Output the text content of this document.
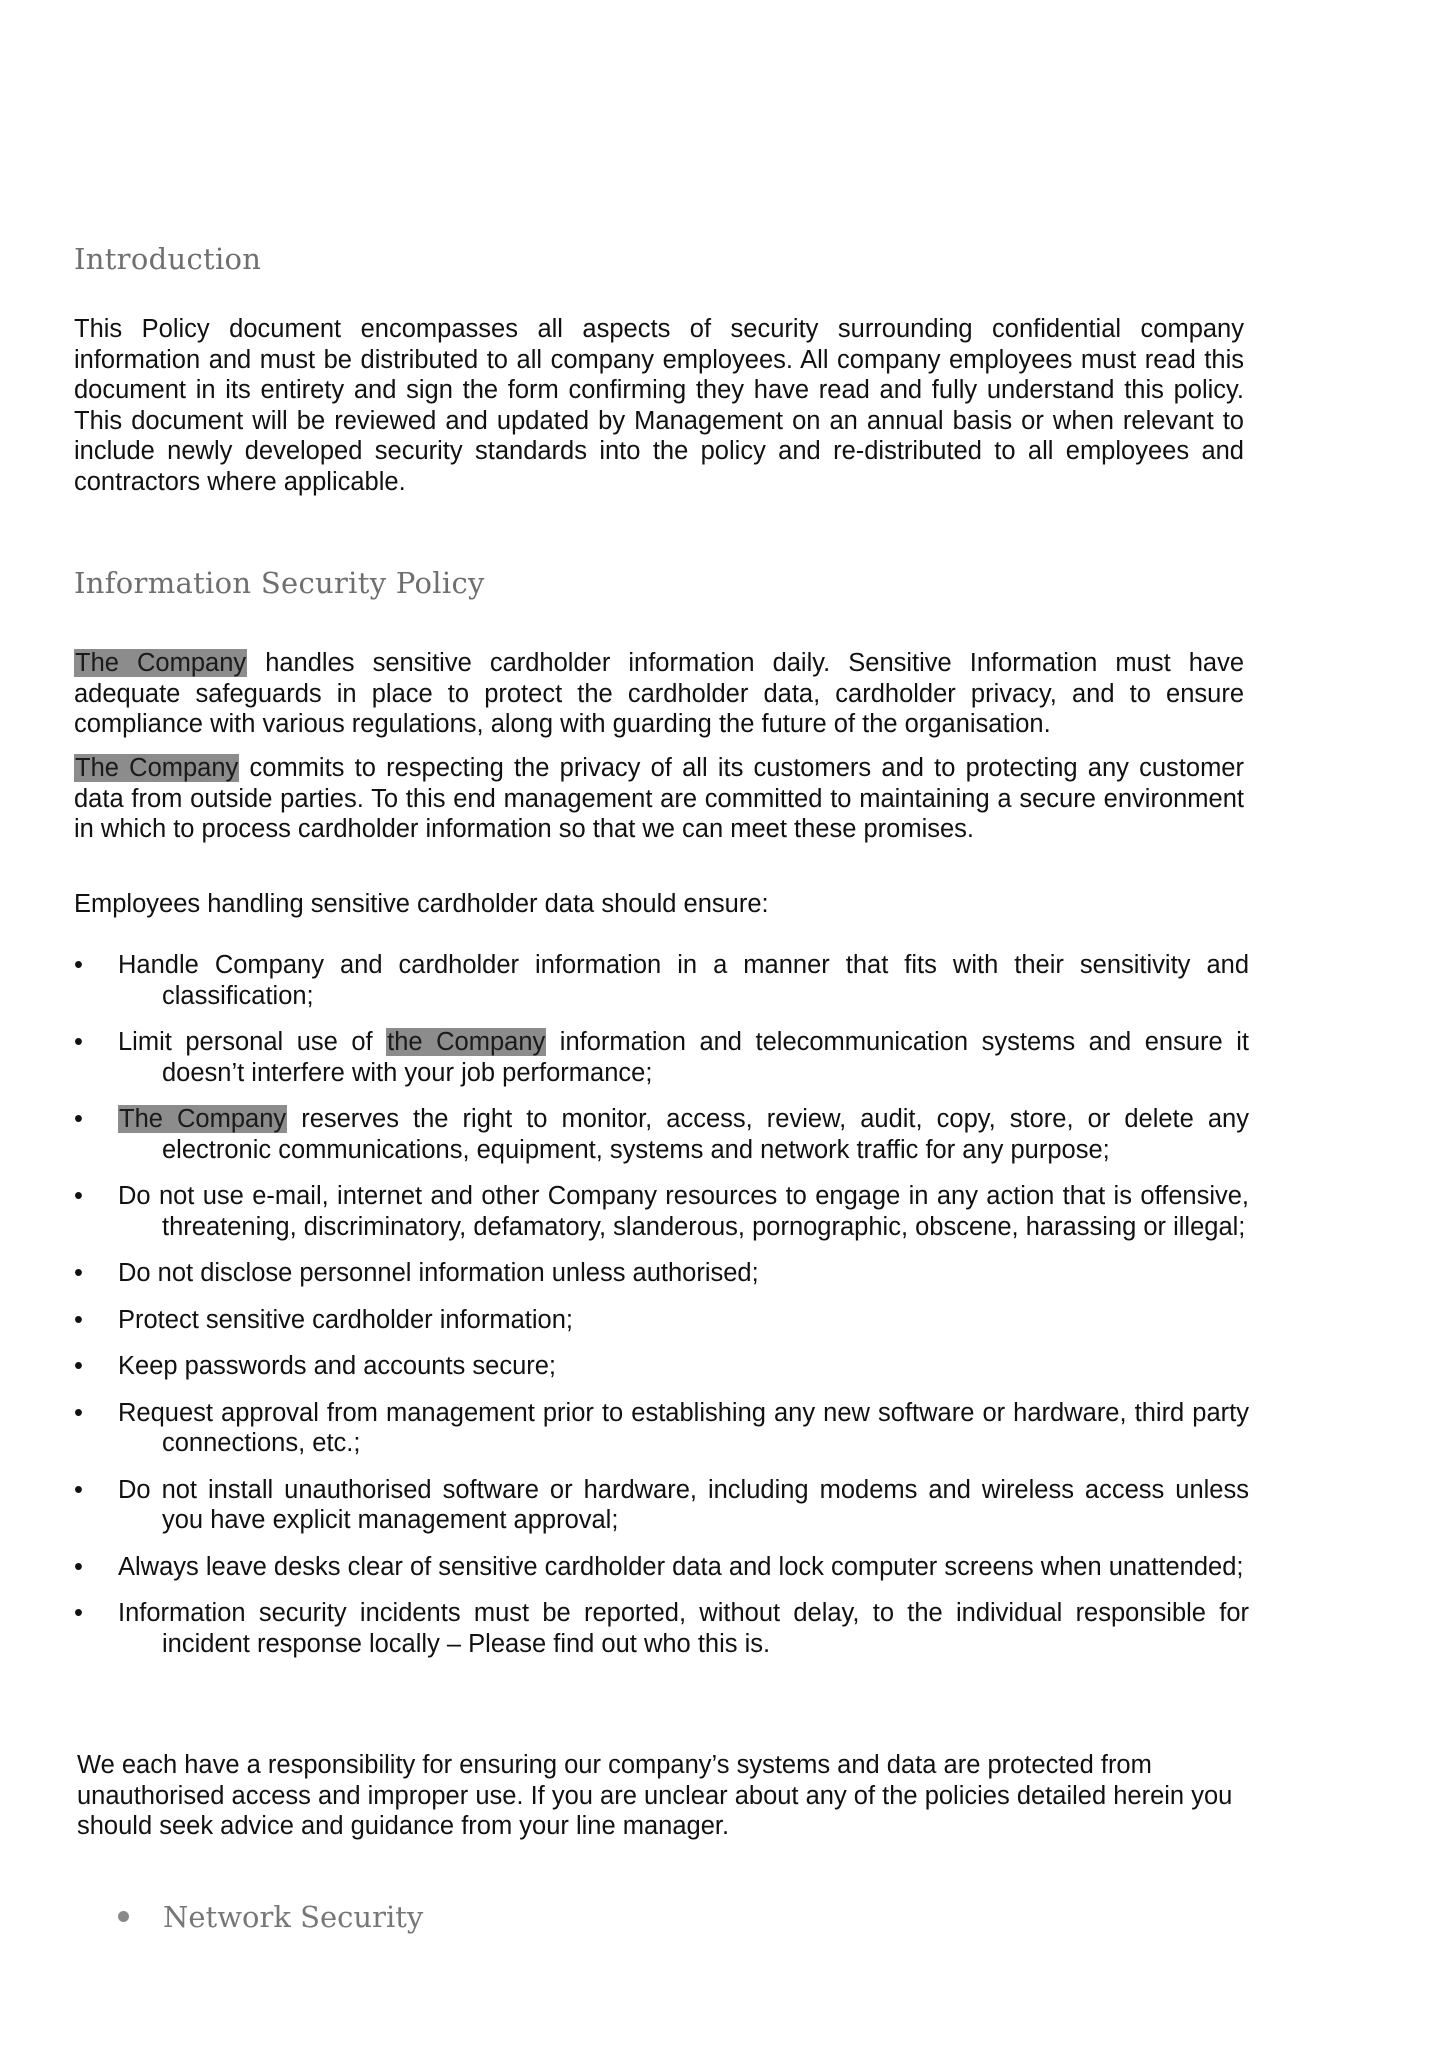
Introduction

This Policy document encompasses all aspects of security surrounding confidential company information and must be distributed to all company employees. All company employees must read this document in its entirety and sign the form confirming they have read and fully understand this policy. This document will be reviewed and updated by Management on an annual basis or when relevant to include newly developed security standards into the policy and re-distributed to all employees and contractors where applicable.

Information Security Policy

The Company handles sensitive cardholder information daily. Sensitive Information must have adequate safeguards in place to protect the cardholder data, cardholder privacy, and to ensure compliance with various regulations, along with guarding the future of the organisation.

The Company commits to respecting the privacy of all its customers and to protecting any customer data from outside parties. To this end management are committed to maintaining a secure environment in which to process cardholder information so that we can meet these promises.

Employees handling sensitive cardholder data should ensure:

• Handle Company and cardholder information in a manner that fits with their sensitivity and classification;
• Limit personal use of the Company information and telecommunication systems and ensure it doesn’t interfere with your job performance;
• The Company reserves the right to monitor, access, review, audit, copy, store, or delete any electronic communications, equipment, systems and network traffic for any purpose;
• Do not use e-mail, internet and other Company resources to engage in any action that is offensive, threatening, discriminatory, defamatory, slanderous, pornographic, obscene, harassing or illegal;
• Do not disclose personnel information unless authorised;
• Protect sensitive cardholder information;
• Keep passwords and accounts secure;
• Request approval from management prior to establishing any new software or hardware, third party connections, etc.;
• Do not install unauthorised software or hardware, including modems and wireless access unless you have explicit management approval;
• Always leave desks clear of sensitive cardholder data and lock computer screens when unattended;
• Information security incidents must be reported, without delay, to the individual responsible for incident response locally – Please find out who this is.

We each have a responsibility for ensuring our company’s systems and data are protected from unauthorised access and improper use. If you are unclear about any of the policies detailed herein you should seek advice and guidance from your line manager.

Network Security
